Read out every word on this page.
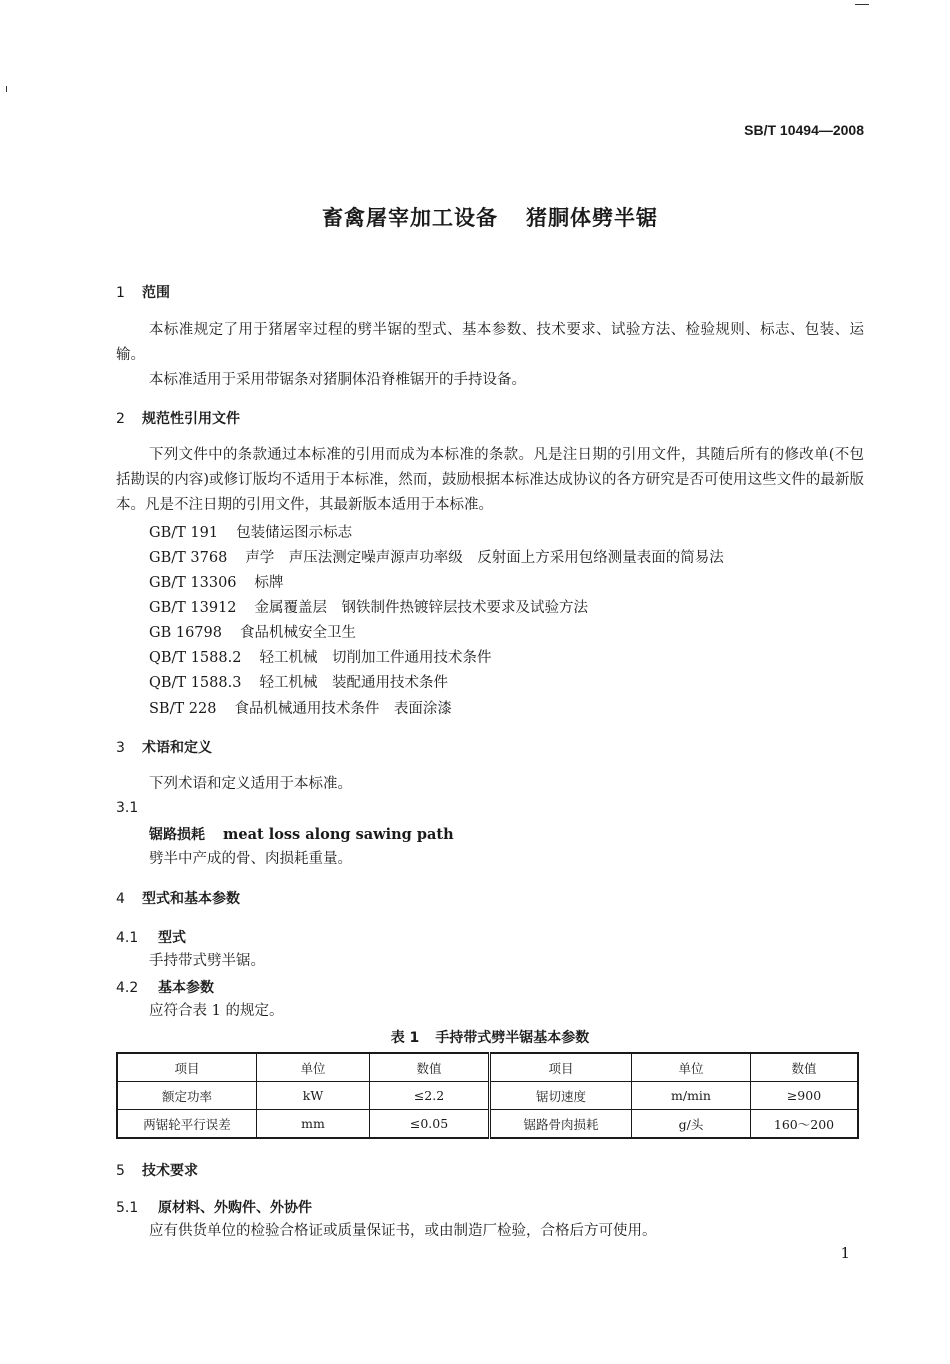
SB/T 10494—2008
畜禽屠宰加工设备 猪胴体劈半锯
1 范围
本标准规定了用于猪屠宰过程的劈半锯的型式、基本参数、技术要求、试验方法、检验规则、标志、包装、运输。
本标准适用于采用带锯条对猪胴体沿脊椎锯开的手持设备。
2 规范性引用文件
下列文件中的条款通过本标准的引用而成为本标准的条款。凡是注日期的引用文件，其随后所有的修改单(不包括勘误的内容)或修订版均不适用于本标准，然而，鼓励根据本标准达成协议的各方研究是否可使用这些文件的最新版本。凡是不注日期的引用文件，其最新版本适用于本标准。
GB/T 191 包装储运图示标志
GB/T 3768 声学　声压法测定噪声源声功率级　反射面上方采用包络测量表面的简易法
GB/T 13306 标牌
GB/T 13912 金属覆盖层　钢铁制件热镀锌层技术要求及试验方法
GB 16798 食品机械安全卫生
QB/T 1588.2 轻工机械　切削加工件通用技术条件
QB/T 1588.3 轻工机械　装配通用技术条件
SB/T 228 食品机械通用技术条件　表面涂漆
3 术语和定义
下列术语和定义适用于本标准。
3.1
锯路损耗 meat loss along sawing path
劈半中产成的骨、肉损耗重量。
4 型式和基本参数
4.1 型式
手持带式劈半锯。
4.2 基本参数
应符合表 1 的规定。
表 1 手持带式劈半锯基本参数
项目	单位	数值	项目	单位	数值
额定功率	kW	≤2.2	锯切速度	m/min	≥900
两锯轮平行误差	mm	≤0.05	锯路骨肉损耗	g/头	160～200
5 技术要求
5.1 原材料、外购件、外协件
应有供货单位的检验合格证或质量保证书，或由制造厂检验，合格后方可使用。
1
